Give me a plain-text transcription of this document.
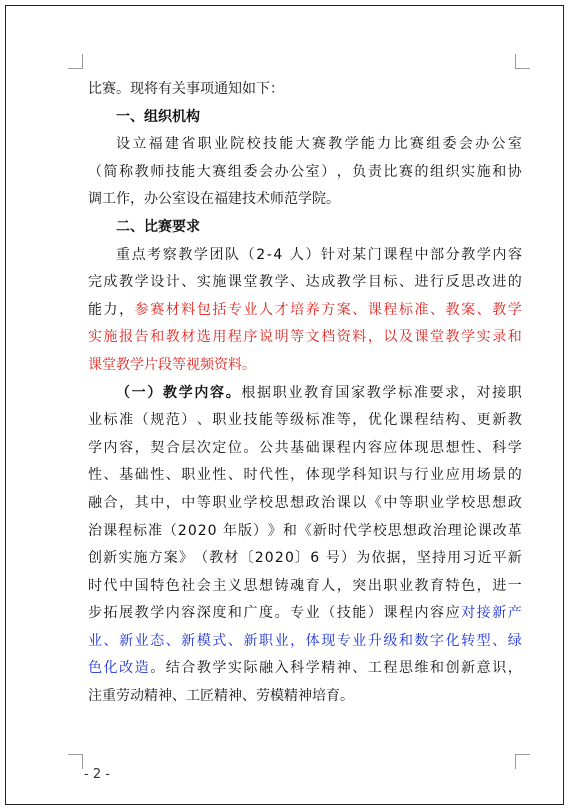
比 赛 。 现 将 有 关 事 项 通 知 如 下 ：
一 、 组 织 机 构
设 立 福 建 省 职 业 院 校 技 能 大 赛 教 学 能 力 比 赛 组 委 会 办 公 室
（ 简 称 教 师 技 能 大 赛 组 委 会 办 公 室 ） ， 负 责 比 赛 的 组 织 实 施 和 协
调 工 作 ， 办 公 室 设 在 福 建 技 术 师 范 学 院 。
二 、 比 赛 要 求
重 点 考 察 教 学 团 队 （ 2 - 4
人 ） 针 对 某 门 课 程 中 部 分 教 学 内 容
完 成 教 学 设 计 、 实 施 课 堂 教 学 、 达 成 教 学 目 标 、 进 行 反 思 改 进 的
能 力 ， 参 赛 材 料 包 括 专 业 人 才 培 养 方 案 、 课 程 标 准 、 教 案 、 教 学
实 施 报 告 和 教 材 选 用 程 序 说 明 等 文 档 资 料 ， 以 及 课 堂 教 学 实 录 和
课 堂 教 学 片 段 等 视 频 资 料 。
（ 一 ） 教 学 内 容 。 根 据 职 业 教 育 国 家 教 学 标 准 要 求 ， 对 接 职
业 标 准 （ 规 范 ） 、 职 业 技 能 等 级 标 准 等 ， 优 化 课 程 结 构 、 更 新 教
学 内 容 ， 契 合 层 次 定 位 。 公 共 基 础 课 程 内 容 应 体 现 思 想 性 、 科 学
性 、 基 础 性 、 职 业 性 、 时 代 性 ， 体 现 学 科 知 识 与 行 业 应 用 场 景 的
融 合 ， 其 中 ， 中 等 职 业 学 校 思 想 政 治 课 以 《 中 等 职 业 学 校 思 想 政
治 课 程 标 准 （ 2 0 2 0
年 版 ） 》 和 《 新 时 代 学 校 思 想 政 治 理 论 课 改 革
创 新 实 施 方 案 》 （ 教 材 〔 2 0 2 0 〕 6
号 ） 为 依 据 ， 坚 持 用 习 近 平 新
时 代 中 国 特 色 社 会 主 义 思 想 铸 魂 育 人 ， 突 出 职 业 教 育 特 色 ， 进 一
步 拓 展 教 学 内 容 深 度 和 广 度 。 专 业 （ 技 能 ） 课 程 内 容 应 对 接 新 产
业 、 新 业 态 、 新 模 式 、 新 职 业 ， 体 现 专 业 升 级 和 数 字 化 转 型 、 绿
色 化 改 造 。 结 合 教 学 实 际 融 入 科 学 精 神 、 工 程 思 维 和 创 新 意 识 ，
注 重 劳 动 精 神 、 工 匠 精 神 、 劳 模 精 神 培 育 。
- 2 -
